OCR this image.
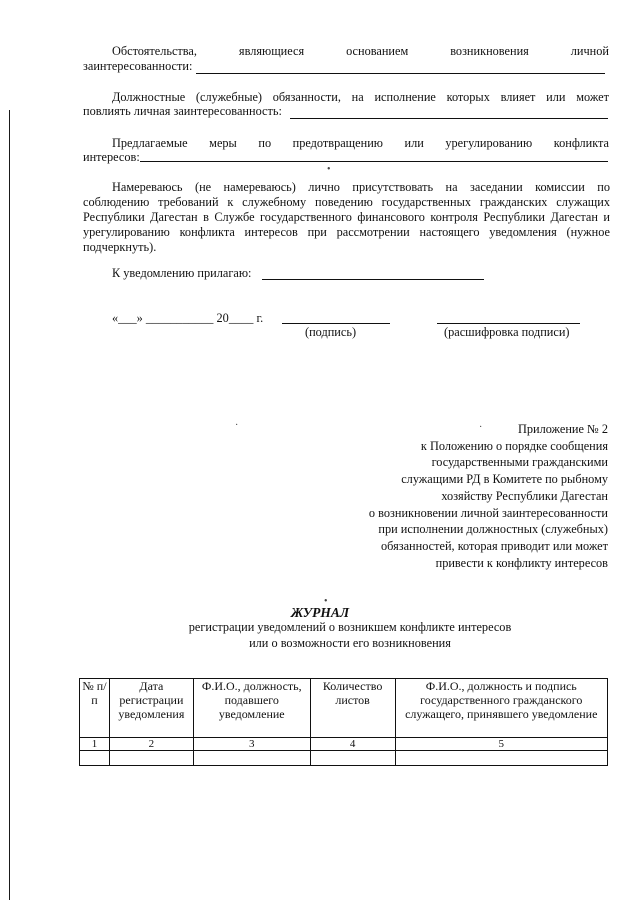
Обстоятельства, являющиеся основанием возникновения личной
заинтересованности:
Должностные (служебные) обязанности, на исполнение которых влияет или может
повлиять личная заинтересованность:
Предлагаемые меры по предотвращению или урегулированию конфликта
интересов:
Намереваюсь (не намереваюсь) лично присутствовать на заседании комиссии по
соблюдению требований к служебному поведению государственных гражданских служащих Республики Дагестан в Службе государственного финансового контроля Республики Дагестан и урегулированию конфликта интересов при рассмотрении настоящего уведомления (нужное подчеркнуть).
К уведомлению прилагаю:
«___» ___________ 20____ г.
(подпись)	(расшифровка подписи)
Приложение № 2
к Положению о порядке сообщения
государственными гражданскими
служащими РД в Комитете по рыбному
хозяйству Республики Дагестан
о возникновении личной заинтересованности
при исполнении должностных (служебных)
обязанностей, которая приводит или может
привести к конфликту интересов
ЖУРНАЛ
регистрации уведомлений о возникшем конфликте интересов
или о возможности его возникновения
№ п/п	Дата регистрации уведомления	Ф.И.О., должность, подавшего уведомление	Количество листов	Ф.И.О., должность и подпись государственного гражданского служащего, принявшего уведомление
1	2	3	4	5

•
·	·
•
